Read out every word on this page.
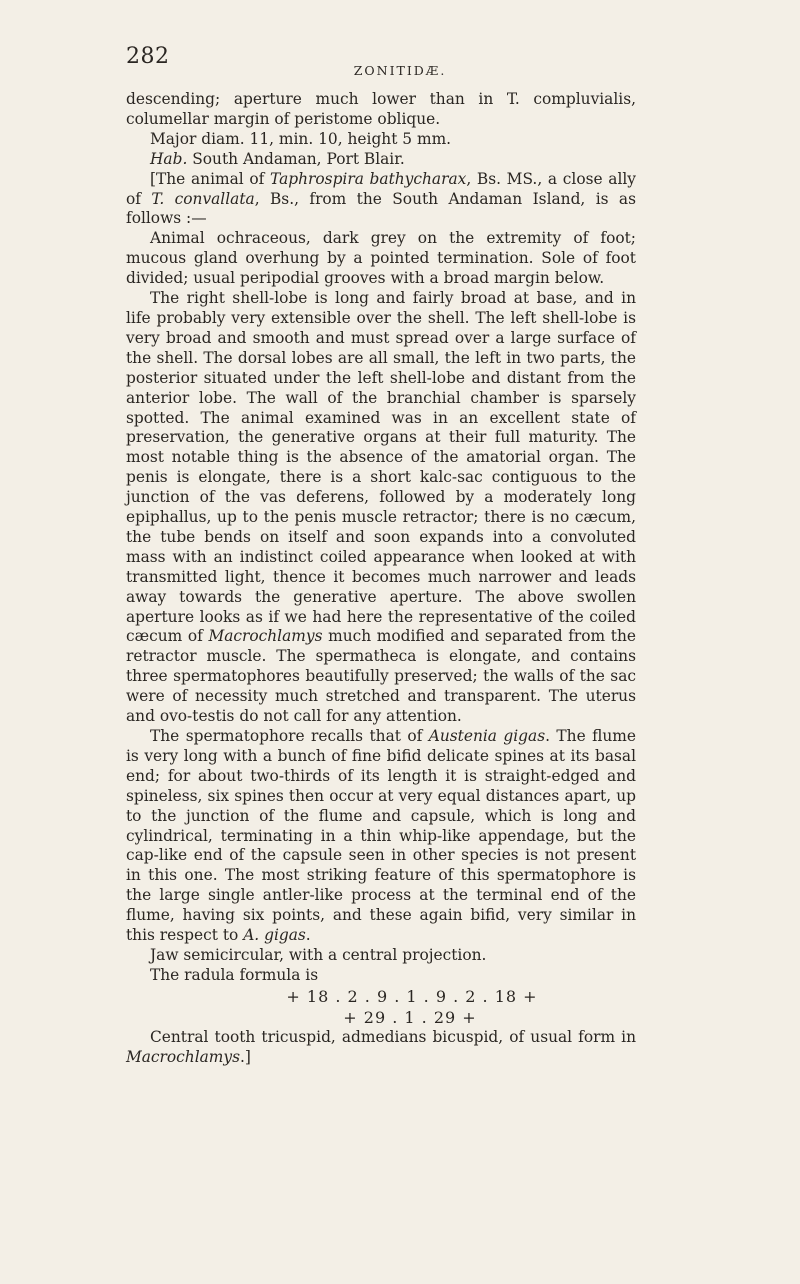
282
ZONITIDÆ.

descending; aperture much lower than in T. compluvialis, columellar margin of peristome oblique.

Major diam. 11, min. 10, height 5 mm.

Hab. South Andaman, Port Blair.

[The animal of Taphrospira bathycharax, Bs. MS., a close ally of T. convallata, Bs., from the South Andaman Island, is as follows :—

Animal ochraceous, dark grey on the extremity of foot; mucous gland overhung by a pointed termination. Sole of foot divided; usual peripodial grooves with a broad margin below.

The right shell-lobe is long and fairly broad at base, and in life probably very extensible over the shell. The left shell-lobe is very broad and smooth and must spread over a large surface of the shell. The dorsal lobes are all small, the left in two parts, the posterior situated under the left shell-lobe and distant from the anterior lobe. The wall of the branchial chamber is sparsely spotted. The animal examined was in an excellent state of preservation, the generative organs at their full maturity. The most notable thing is the absence of the amatorial organ. The penis is elongate, there is a short kalc-sac contiguous to the junction of the vas deferens, followed by a moderately long epiphallus, up to the penis muscle retractor; there is no cæcum, the tube bends on itself and soon expands into a convoluted mass with an indistinct coiled appearance when looked at with transmitted light, thence it becomes much narrower and leads away towards the generative aperture. The above swollen aperture looks as if we had here the representative of the coiled cæcum of Macrochlamys much modified and separated from the retractor muscle. The spermatheca is elongate, and contains three spermatophores beautifully preserved; the walls of the sac were of necessity much stretched and transparent. The uterus and ovo-testis do not call for any attention.

The spermatophore recalls that of Austenia gigas. The flume is very long with a bunch of fine bifid delicate spines at its basal end; for about two-thirds of its length it is straight-edged and spineless, six spines then occur at very equal distances apart, up to the junction of the flume and capsule, which is long and cylindrical, terminating in a thin whip-like appendage, but the cap-like end of the capsule seen in other species is not present in this one. The most striking feature of this spermatophore is the large single antler-like process at the terminal end of the flume, having six points, and these again bifid, very similar in this respect to A. gigas.

Jaw semicircular, with a central projection.

The radula formula is

+ 18 . 2 . 9 . 1 . 9 . 2 . 18 +
+ 29 . 1 . 29 +

Central tooth tricuspid, admedians bicuspid, of usual form in Macrochlamys.]
